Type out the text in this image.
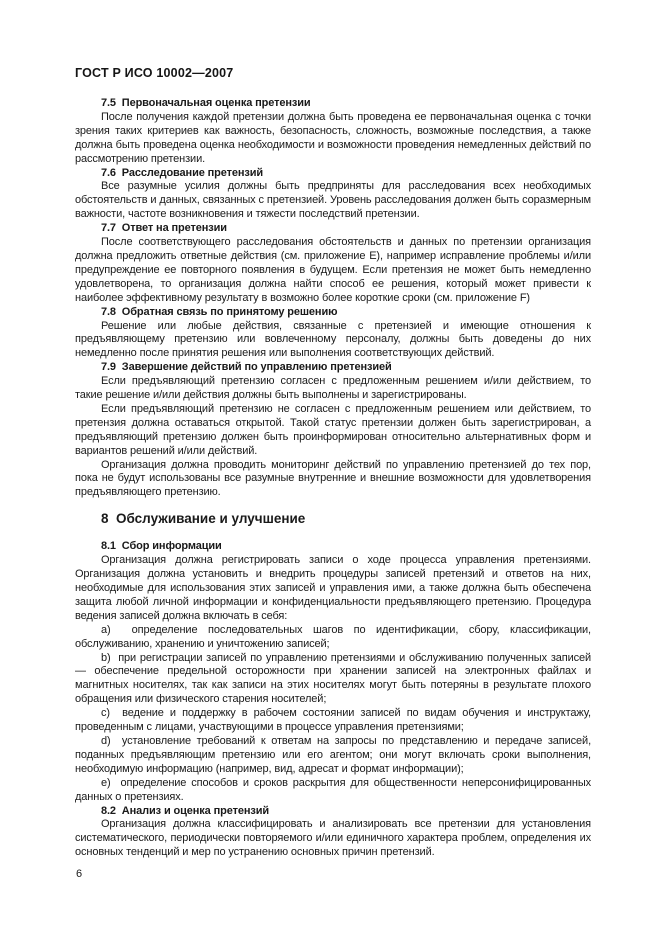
ГОСТ Р ИСО 10002—2007
7.5  Первоначальная оценка претензии
После получения каждой претензии должна быть проведена ее первоначальная оценка с точки зрения таких критериев как важность, безопасность, сложность, возможные последствия, а также должна быть проведена оценка необходимости и возможности проведения немедленных действий по рассмотрению претензии.
7.6  Расследование претензий
Все разумные усилия должны быть предприняты для расследования всех необходимых обстоятельств и данных, связанных с претензией. Уровень расследования должен быть соразмерным важности, частоте возникновения и тяжести последствий претензии.
7.7  Ответ на претензии
После соответствующего расследования обстоятельств и данных по претензии организация должна предложить ответные действия (см. приложение E), например исправление проблемы и/или предупреждение ее повторного появления в будущем. Если претензия не может быть немедленно удовлетворена, то организация должна найти способ ее решения, который может привести к наиболее эффективному результату в возможно более короткие сроки (см. приложение F)
7.8  Обратная связь по принятому решению
Решение или любые действия, связанные с претензией и имеющие отношения к предъявляющему претензию или вовлеченному персоналу, должны быть доведены до них немедленно после принятия решения или выполнения соответствующих действий.
7.9  Завершение действий по управлению претензией
Если предъявляющий претензию согласен с предложенным решением и/или действием, то такие решение и/или действия должны быть выполнены и зарегистрированы.
Если предъявляющий претензию не согласен с предложенным решением или действием, то претензия должна оставаться открытой. Такой статус претензии должен быть зарегистрирован, а предъявляющий претензию должен быть проинформирован относительно альтернативных форм и вариантов решений и/или действий.
Организация должна проводить мониторинг действий по управлению претензией до тех пор, пока не будут использованы все разумные внутренние и внешние возможности для удовлетворения предъявляющего претензию.
8  Обслуживание и улучшение
8.1  Сбор информации
Организация должна регистрировать записи о ходе процесса управления претензиями. Организация должна установить и внедрить процедуры записей претензий и ответов на них, необходимые для использования этих записей и управления ими, а также должна быть обеспечена защита любой личной информации и конфиденциальности предъявляющего претензию. Процедура ведения записей должна включать в себя:
a)  определение последовательных шагов по идентификации, сбору, классификации, обслуживанию, хранению и уничтожению записей;
b)  при регистрации записей по управлению претензиями и обслуживанию полученных записей — обеспечение предельной осторожности при хранении записей на электронных файлах и магнитных носителях, так как записи на этих носителях могут быть потеряны в результате плохого обращения или физического старения носителей;
c)  ведение и поддержку в рабочем состоянии записей по видам обучения и инструктажу, проведенным с лицами, участвующими в процессе управления претензиями;
d)  установление требований к ответам на запросы по представлению и передаче записей, поданных предъявляющим претензию или его агентом; они могут включать сроки выполнения, необходимую информацию (например, вид, адресат и формат информации);
e)  определение способов и сроков раскрытия для общественности неперсонифицированных данных о претензиях.
8.2  Анализ и оценка претензий
Организация должна классифицировать и анализировать все претензии для установления систематического, периодически повторяемого и/или единичного характера проблем, определения их основных тенденций и мер по устранению основных причин претензий.
6
